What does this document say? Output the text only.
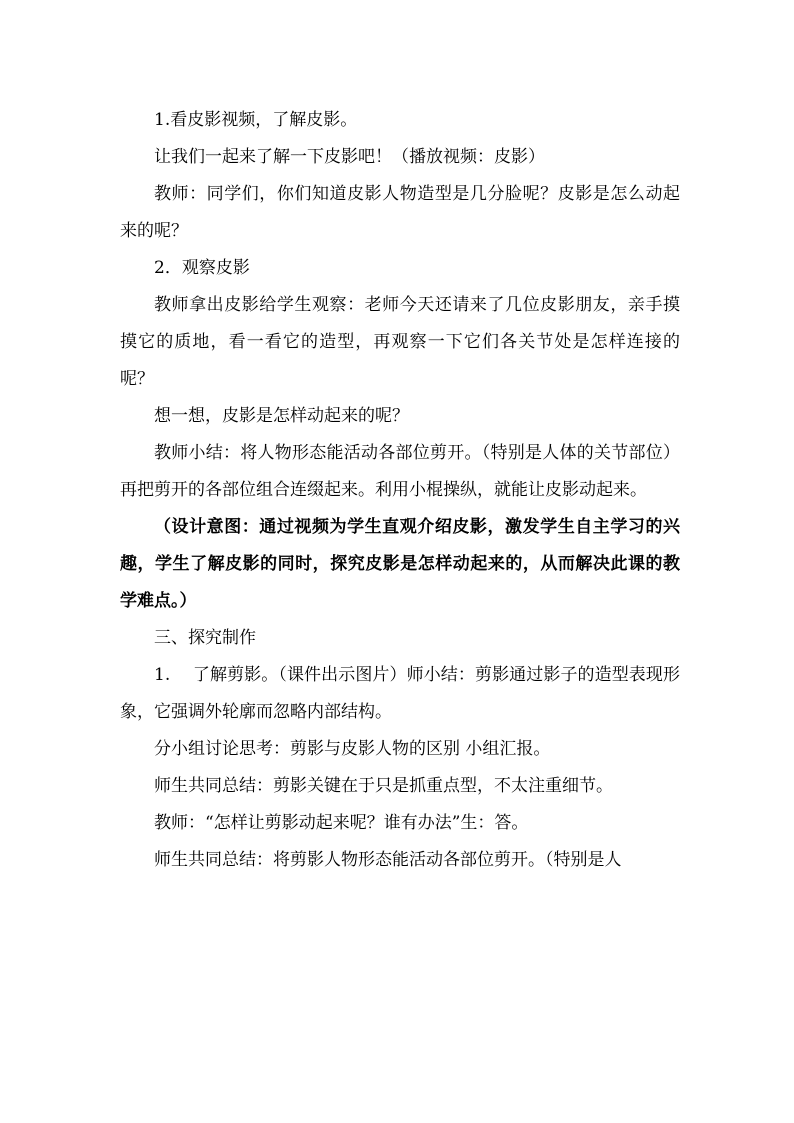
1.看皮影视频，了解皮影。

让我们一起来了解一下皮影吧！（播放视频：皮影）

教师：同学们，你们知道皮影人物造型是几分脸呢？皮影是怎么动起来的呢？

2．观察皮影

教师拿出皮影给学生观察：老师今天还请来了几位皮影朋友，亲手摸摸它的质地，看一看它的造型，再观察一下它们各关节处是怎样连接的呢？

想一想，皮影是怎样动起来的呢？

教师小结：将人物形态能活动各部位剪开。（特别是人体的关节部位）再把剪开的各部位组合连缀起来。利用小棍操纵，就能让皮影动起来。

（设计意图：通过视频为学生直观介绍皮影，激发学生自主学习的兴趣，学生了解皮影的同时，探究皮影是怎样动起来的，从而解决此课的教学难点。）

三、探究制作

1.　 了解剪影。（课件出示图片）师小结：剪影通过影子的造型表现形象，它强调外轮廓而忽略内部结构。

分小组讨论思考：剪影与皮影人物的区别 小组汇报。

师生共同总结：剪影关键在于只是抓重点型，不太注重细节。

教师：“怎样让剪影动起来呢？谁有办法”生：答。

师生共同总结：将剪影人物形态能活动各部位剪开。（特别是人
